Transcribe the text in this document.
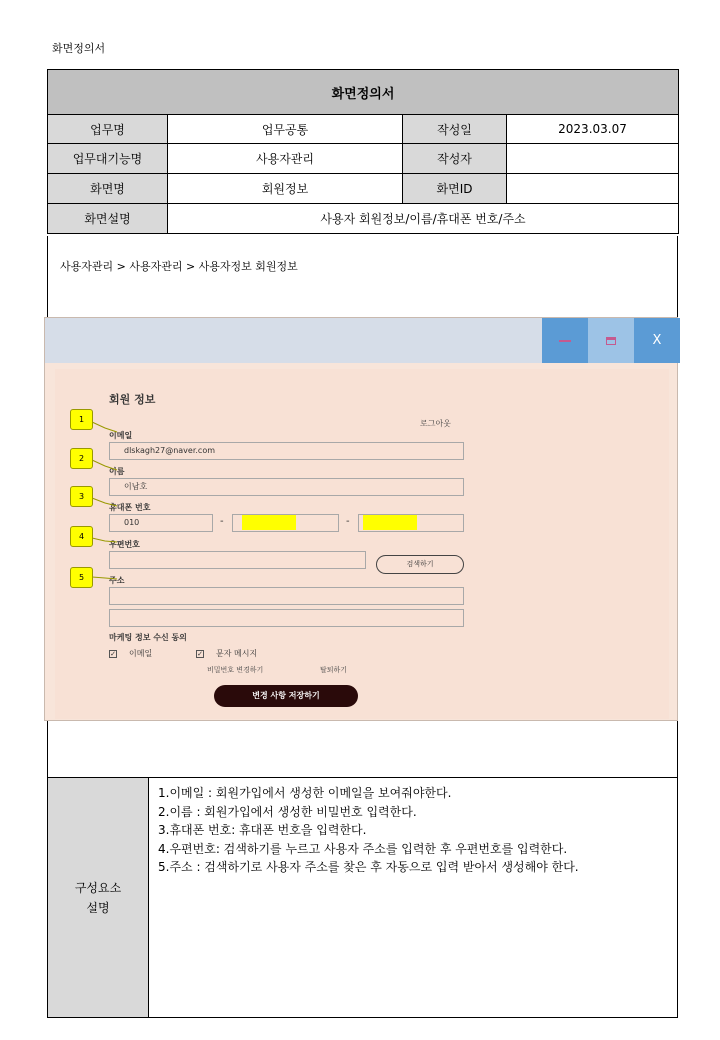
화면정의서
화면정의서			
업무명	업무공통	작성일	2023.03.07
업무대기능명	사용자관리	작성자	
화면명	회원정보	화면ID	
화면설명	사용자 회원정보/이름/휴대폰 번호/주소		
사용자관리 > 사용자관리 > 사용자정보 회원정보
X
회원 정보
로그아웃
이메일
dlskagh27@naver.com
이름
이남호
휴대폰 번호
010	-	-
우편번호
검색하기
주소
마케팅 정보 수신 동의
✓ 이메일	✓ 문자 메시지
비밀번호 변경하기	탈퇴하기
변경 사항 저장하기
1
2
3
4
5
구성요소
설명
1.이메일 : 회원가입에서 생성한 이메일을 보여줘야한다.
2.이름 : 회원가입에서 생성한 비밀번호 입력한다.
3.휴대폰 번호: 휴대폰 번호을 입력한다.
4.우편번호: 검색하기를 누르고 사용자 주소를 입력한 후 우편번호를 입력한다.
5.주소 : 검색하기로 사용자 주소를 찾은 후 자동으로 입력 받아서 생성해야 한다.
